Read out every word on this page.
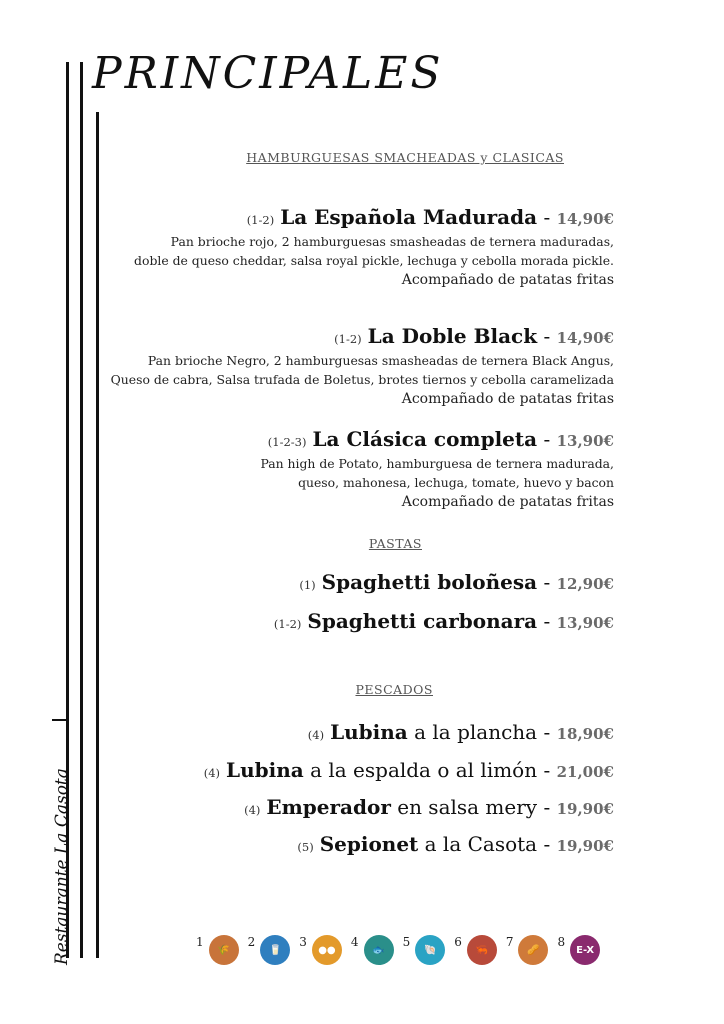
PRINCIPALES
Restaurante La Casota
HAMBURGUESAS SMACHEADAS y CLASICAS
(1-2) La Española Madurada - 14,90€
Pan brioche rojo, 2 hamburguesas smasheadas de ternera maduradas,
doble de queso cheddar, salsa royal pickle, lechuga y cebolla morada pickle.
Acompañado de patatas fritas
(1-2) La Doble Black - 14,90€
Pan brioche Negro, 2 hamburguesas smasheadas de ternera Black Angus,
Queso de cabra, Salsa trufada de Boletus, brotes tiernos y cebolla caramelizada
Acompañado de patatas fritas
(1-2-3) La Clásica completa - 13,90€
Pan high de Potato, hamburguesa de ternera madurada,
queso, mahonesa, lechuga, tomate, huevo y bacon
Acompañado de patatas fritas
PASTAS
(1) Spaghetti boloñesa - 12,90€
(1-2) Spaghetti carbonara - 13,90€
PESCADOS
(4) Lubina a la plancha - 18,90€
(4) Lubina a la espalda o al limón - 21,00€
(4) Emperador en salsa mery - 19,90€
(5) Sepionet a la Casota - 19,90€
1
🌾
2
🥛
3
●●
4
🐟
5
🐚
6
🦐
7
🥜
8
E-X
